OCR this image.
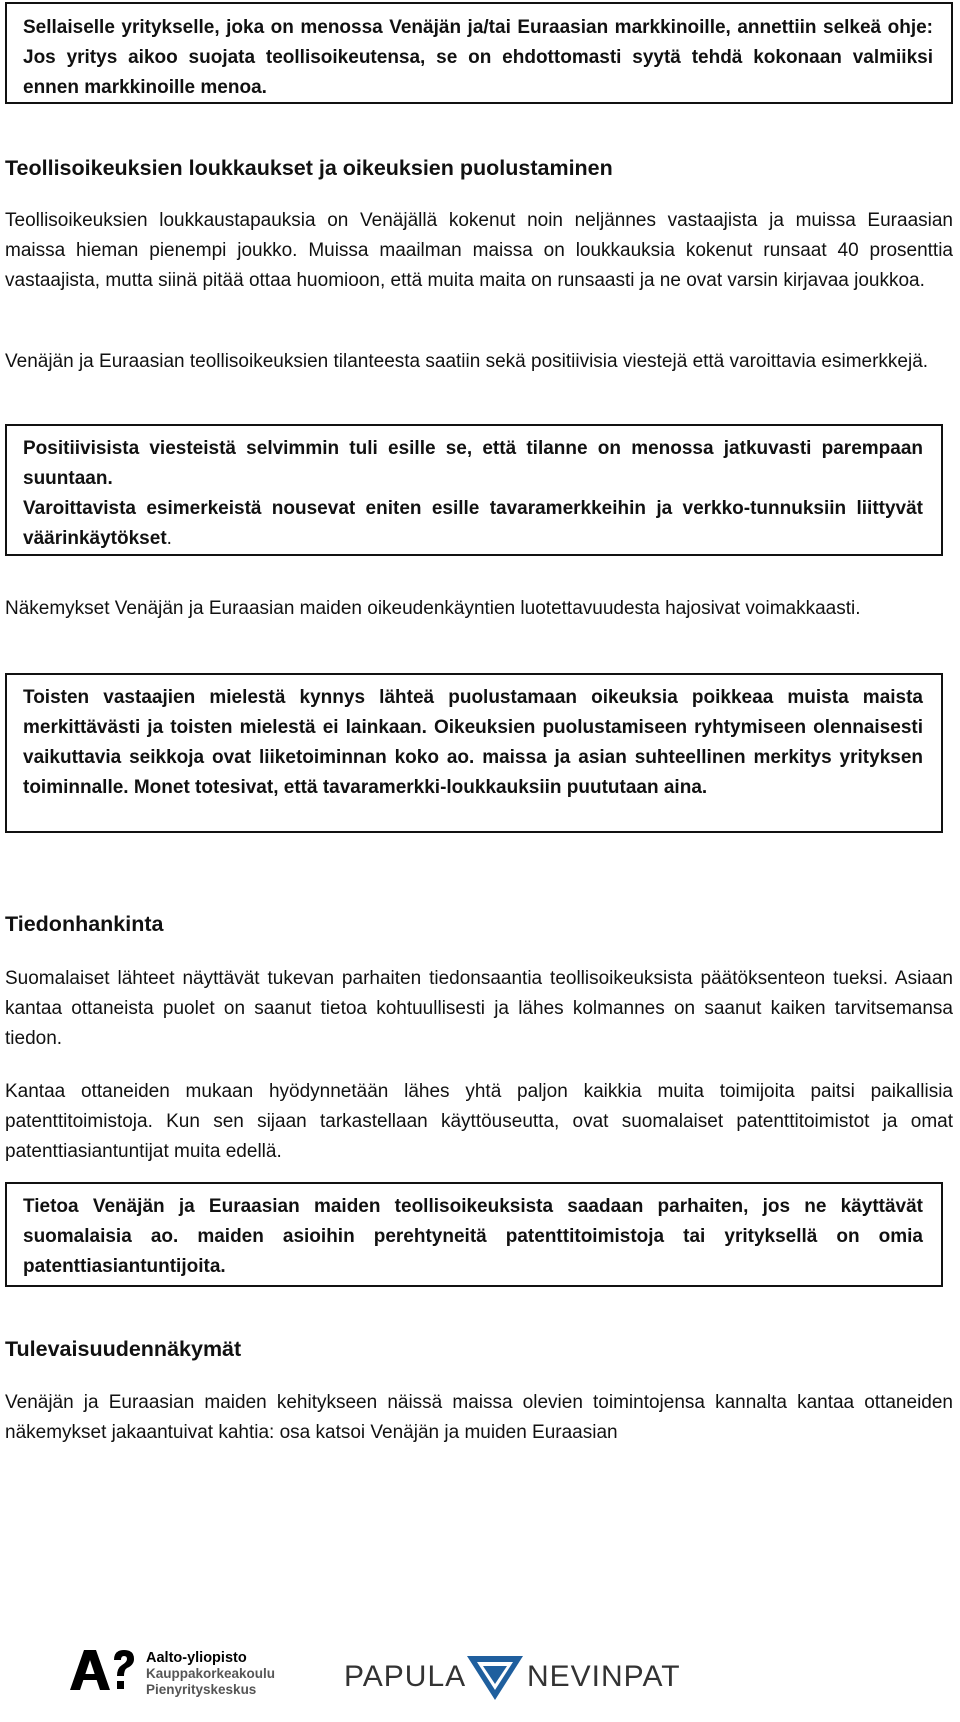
Sellaiselle yritykselle, joka on menossa Venäjän ja/tai Euraasian markkinoille, annettiin selkeä ohje: Jos yritys aikoo suojata teollisoikeutensa, se on ehdottomasti syytä tehdä kokonaan valmiiksi ennen markkinoille menoa.

Teollisoikeuksien loukkaukset ja oikeuksien puolustaminen

Teollisoikeuksien loukkaustapauksia on Venäjällä kokenut noin neljännes vastaajista ja muissa Euraasian maissa hieman pienempi joukko. Muissa maailman maissa on loukkauksia kokenut runsaat 40 prosenttia vastaajista, mutta siinä pitää ottaa huomioon, että muita maita on runsaasti ja ne ovat varsin kirjavaa joukkoa.

Venäjän ja Euraasian teollisoikeuksien tilanteesta saatiin sekä positiivisia viestejä että varoittavia esimerkkejä.

Positiivisista viesteistä selvimmin tuli esille se, että tilanne on menossa jatkuvasti parempaan suuntaan.

Varoittavista esimerkeistä nousevat eniten esille tavaramerkkeihin ja verkko-tunnuksiin liittyvät väärinkäytökset.

Näkemykset Venäjän ja Euraasian maiden oikeudenkäyntien luotettavuudesta hajosivat voimakkaasti.

Toisten vastaajien mielestä kynnys lähteä puolustamaan oikeuksia poikkeaa muista maista merkittävästi ja toisten mielestä ei lainkaan. Oikeuksien puolustamiseen ryhtymiseen olennaisesti vaikuttavia seikkoja ovat liiketoiminnan koko ao. maissa ja asian suhteellinen merkitys yrityksen toiminnalle. Monet totesivat, että tavaramerkki-loukkauksiin puututaan aina.

Tiedonhankinta

Suomalaiset lähteet näyttävät tukevan parhaiten tiedonsaantia teollisoikeuksista päätöksenteon tueksi. Asiaan kantaa ottaneista puolet on saanut tietoa kohtuullisesti ja lähes kolmannes on saanut kaiken tarvitsemansa tiedon.

Kantaa ottaneiden mukaan hyödynnetään lähes yhtä paljon kaikkia muita toimijoita paitsi paikallisia patenttitoimistoja. Kun sen sijaan tarkastellaan käyttöuseutta, ovat suomalaiset patenttitoimistot ja omat patenttiasiantuntijat muita edellä.

Tietoa Venäjän ja Euraasian maiden teollisoikeuksista saadaan parhaiten, jos ne käyttävät suomalaisia ao. maiden asioihin perehtyneitä patenttitoimistoja tai yrityksellä on omia patenttiasiantuntijoita.

Tulevaisuudennäkymät

Venäjän ja Euraasian maiden kehitykseen näissä maissa olevien toimintojensa kannalta kantaa ottaneiden näkemykset jakaantuivat kahtia: osa katsoi Venäjän ja muiden Euraasian

Aalto-yliopisto
Kauppakorkeakoulu
Pienyrityskeskus	PAPULA NEVINPAT
